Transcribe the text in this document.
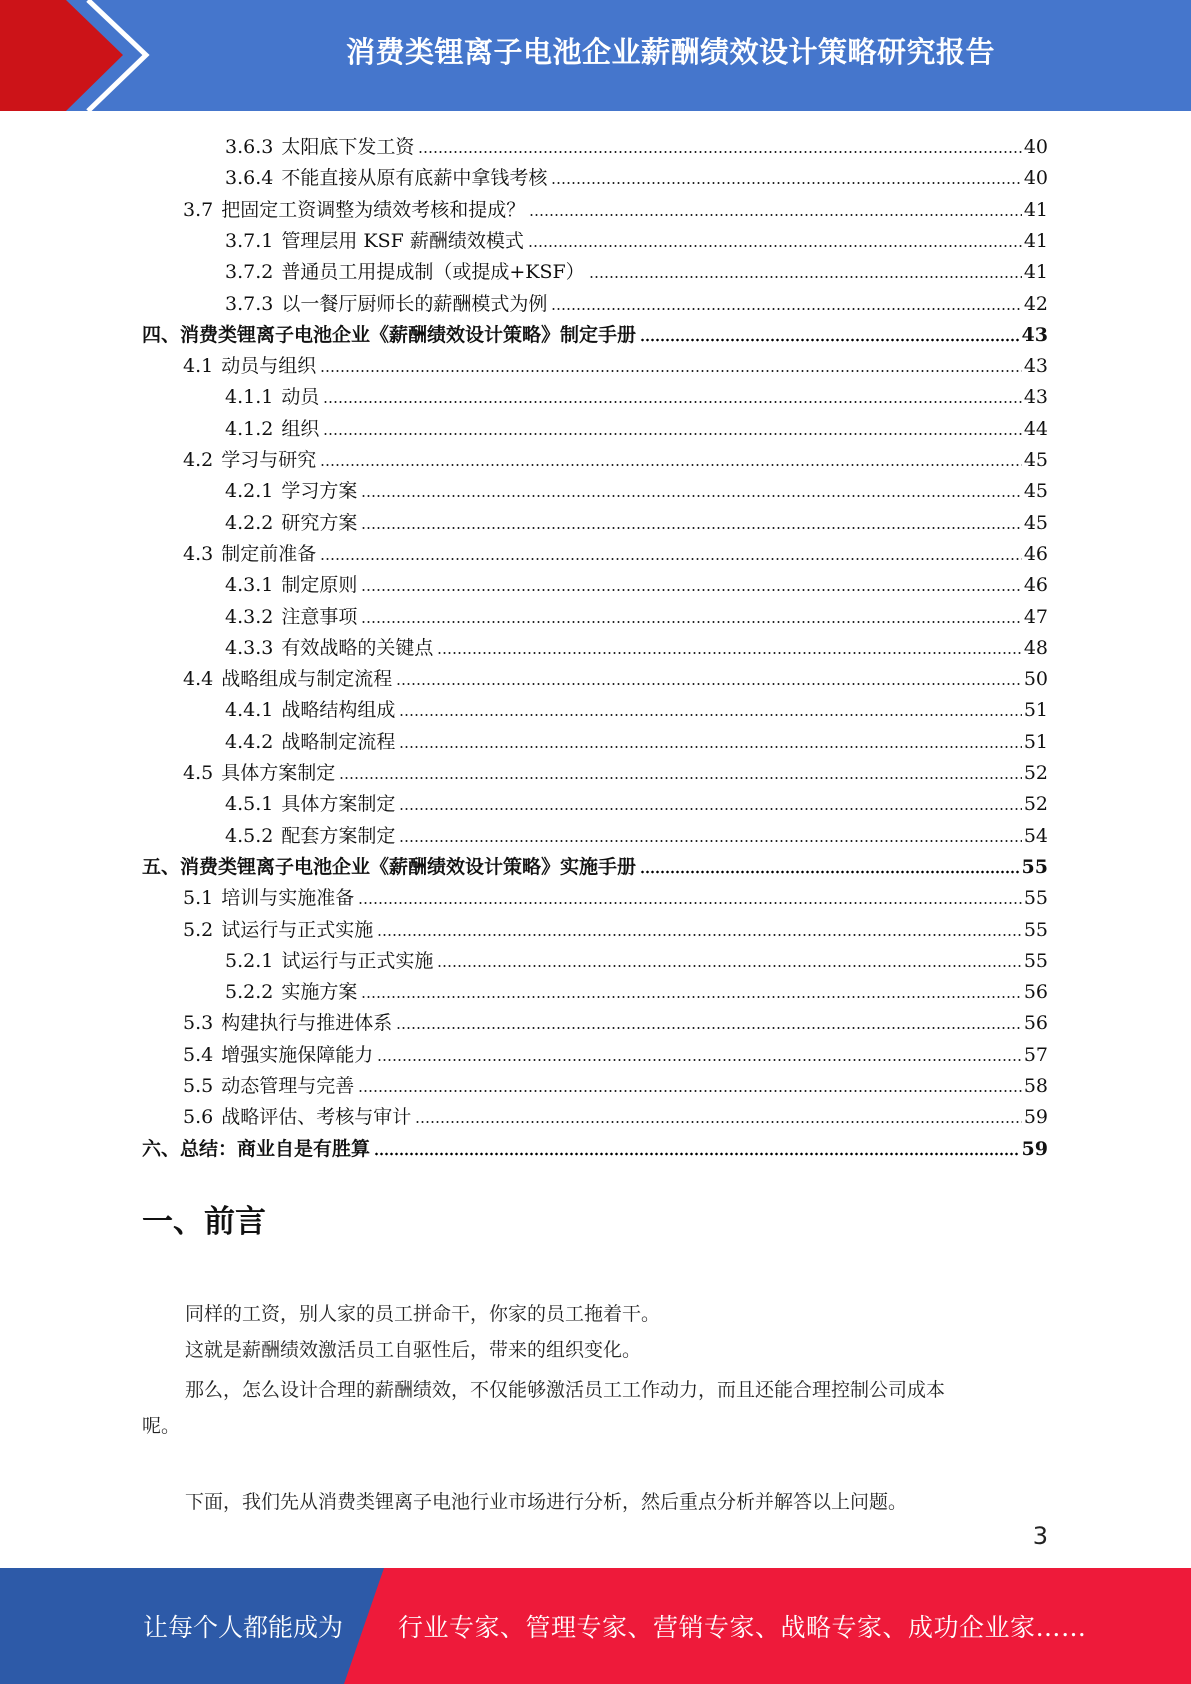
消费类锂离子电池企业薪酬绩效设计策略研究报告
3.6.3 太阳底下发工资	40
3.6.4 不能直接从原有底薪中拿钱考核	40
3.7 把固定工资调整为绩效考核和提成？	41
3.7.1 管理层用 KSF 薪酬绩效模式	41
3.7.2 普通员工用提成制（或提成+KSF）	41
3.7.3 以一餐厅厨师长的薪酬模式为例	42
四、消费类锂离子电池企业《薪酬绩效设计策略》制定手册	43
4.1 动员与组织	43
4.1.1 动员	43
4.1.2 组织	44
4.2 学习与研究	45
4.2.1 学习方案	45
4.2.2 研究方案	45
4.3 制定前准备	46
4.3.1 制定原则	46
4.3.2 注意事项	47
4.3.3 有效战略的关键点	48
4.4 战略组成与制定流程	50
4.4.1 战略结构组成	51
4.4.2 战略制定流程	51
4.5 具体方案制定	52
4.5.1 具体方案制定	52
4.5.2 配套方案制定	54
五、消费类锂离子电池企业《薪酬绩效设计策略》实施手册	55
5.1 培训与实施准备	55
5.2 试运行与正式实施	55
5.2.1 试运行与正式实施	55
5.2.2 实施方案	56
5.3 构建执行与推进体系	56
5.4 增强实施保障能力	57
5.5 动态管理与完善	58
5.6 战略评估、考核与审计	59
六、总结：商业自是有胜算	59
一、前言
同样的工资，别人家的员工拼命干，你家的员工拖着干。
这就是薪酬绩效激活员工自驱性后，带来的组织变化。
那么，怎么设计合理的薪酬绩效，不仅能够激活员工工作动力，而且还能合理控制公司成本
呢。
下面，我们先从消费类锂离子电池行业市场进行分析，然后重点分析并解答以上问题。
3
让每个人都能成为 行业专家、管理专家、营销专家、战略专家、成功企业家……
